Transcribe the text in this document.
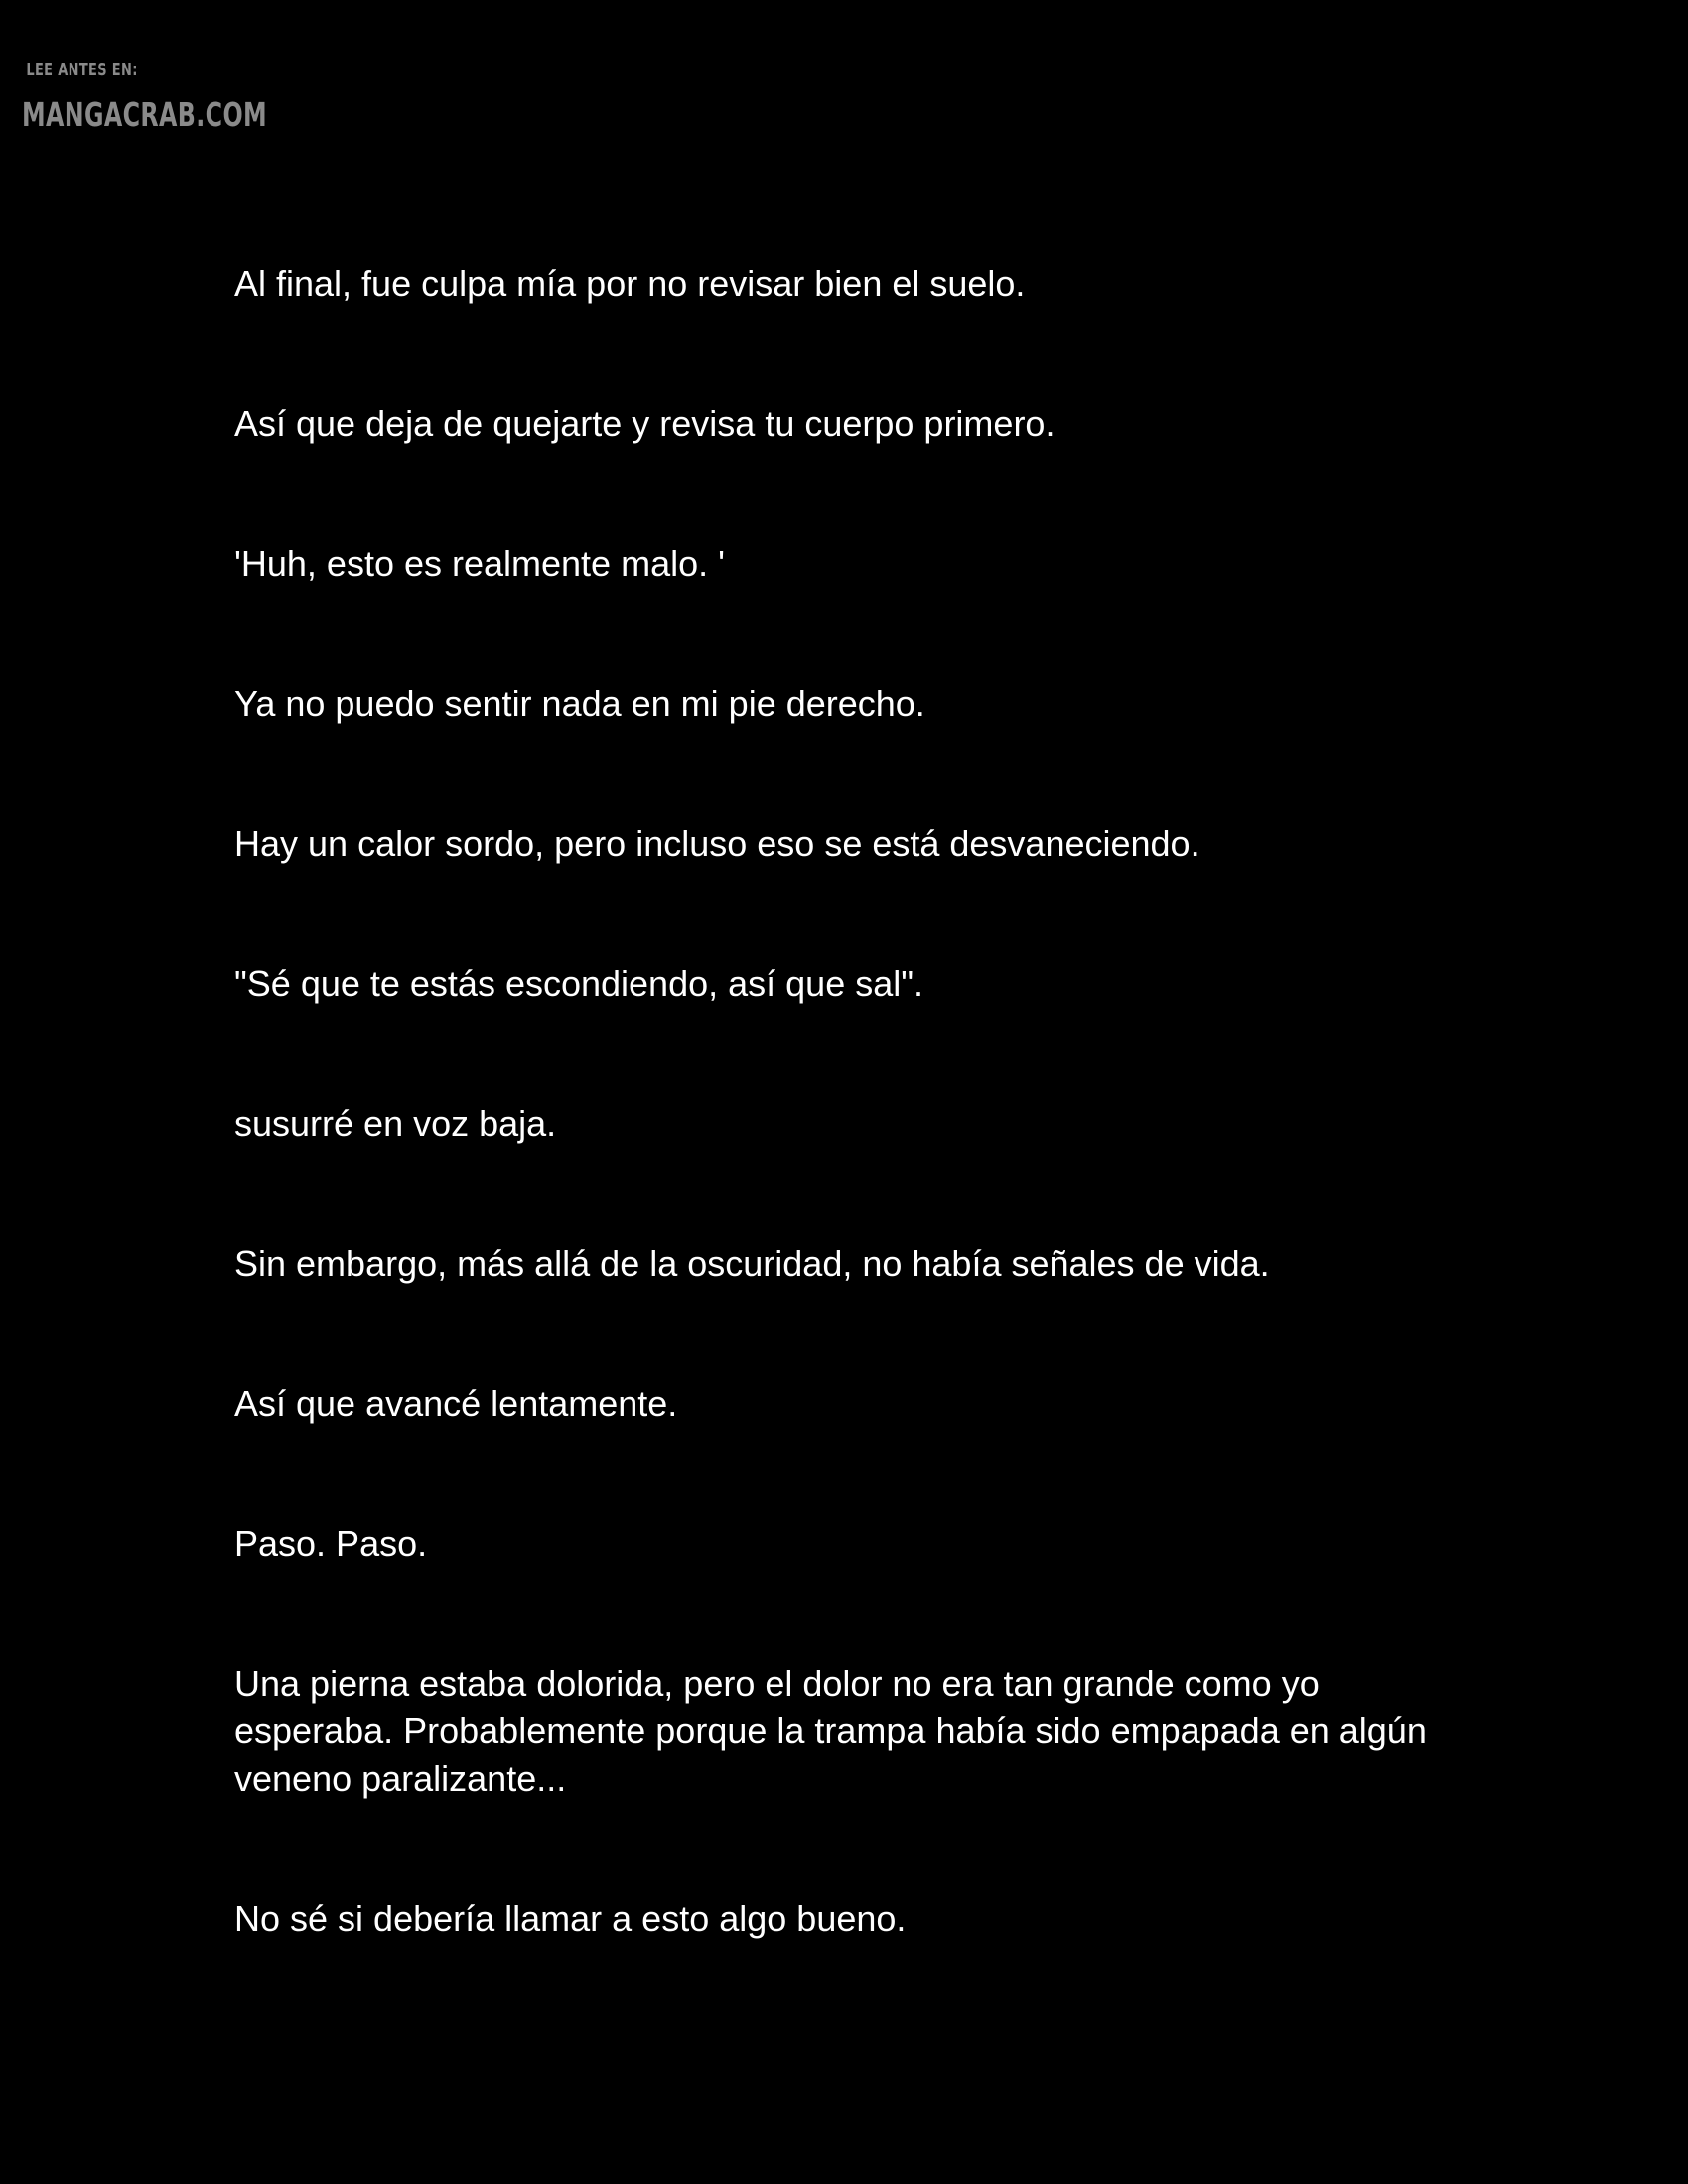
LEE ANTES EN:
MANGACRAB.COM

Al final, fue culpa mía por no revisar bien el suelo.

Así que deja de quejarte y revisa tu cuerpo primero.

'Huh, esto es realmente malo. '

Ya no puedo sentir nada en mi pie derecho.

Hay un calor sordo, pero incluso eso se está desvaneciendo.

"Sé que te estás escondiendo, así que sal".

susurré en voz baja.

Sin embargo, más allá de la oscuridad, no había señales de vida.

Así que avancé lentamente.

Paso. Paso.

Una pierna estaba dolorida, pero el dolor no era tan grande como yo esperaba. Probablemente porque la trampa había sido empapada en algún veneno paralizante...

No sé si debería llamar a esto algo bueno.
